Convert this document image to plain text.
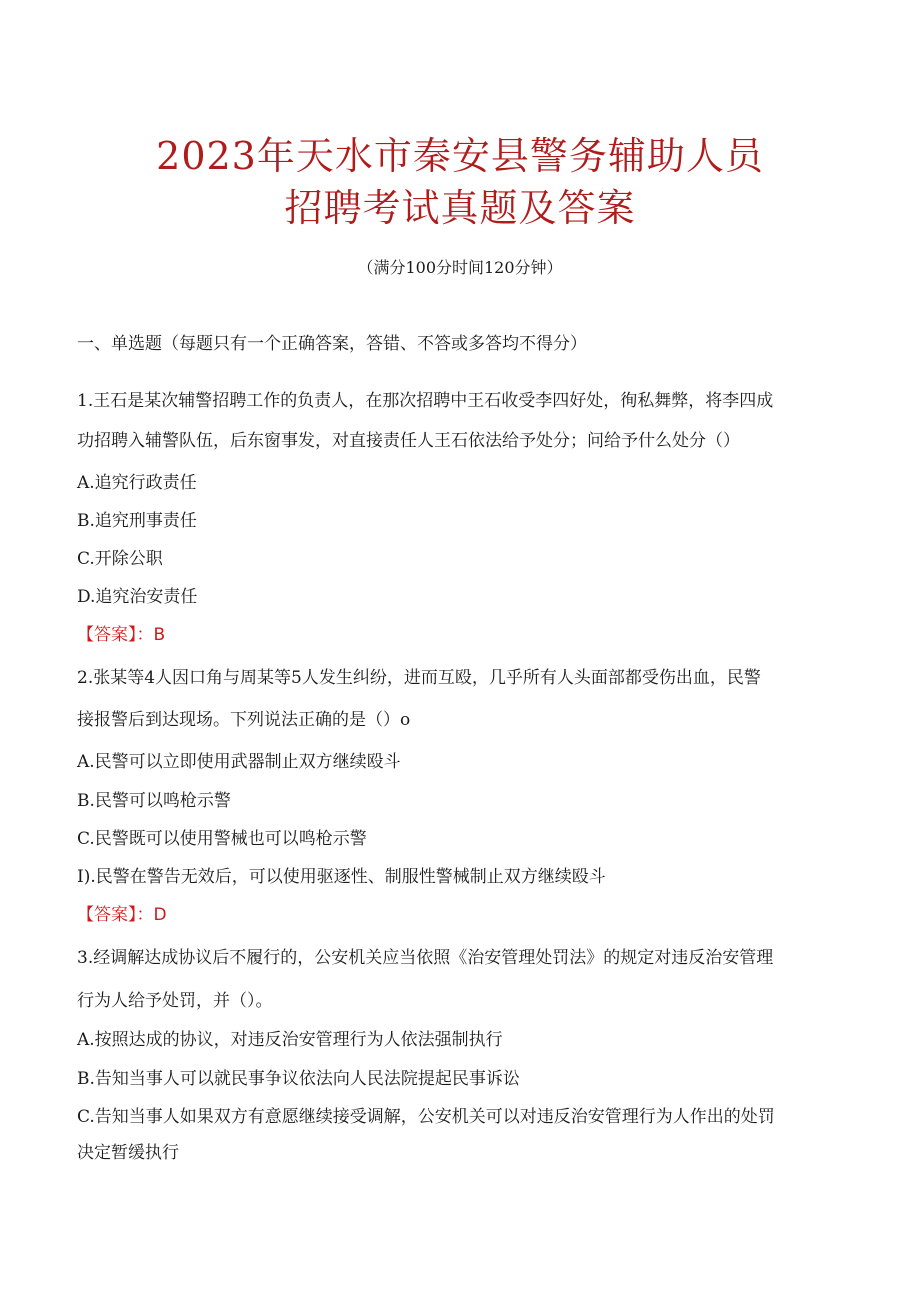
2023年天水市秦安县警务辅助人员
招聘考试真题及答案
（满分100分时间120分钟）
一、单选题（每题只有一个正确答案，答错、不答或多答均不得分）
1.王石是某次辅警招聘工作的负责人，在那次招聘中王石收受李四好处，徇私舞弊，将李四成
功招聘入辅警队伍，后东窗事发，对直接责任人王石依法给予处分；问给予什么处分（）
A.追究行政责任
B.追究刑事责任
C.开除公职
D.追究治安责任
【答案】：B
2.张某等4人因口角与周某等5人发生纠纷，进而互殴，几乎所有人头面部都受伤出血，民警
接报警后到达现场。下列说法正确的是（）o
A.民警可以立即使用武器制止双方继续殴斗
B.民警可以鸣枪示警
C.民警既可以使用警械也可以鸣枪示警
I).民警在警告无效后，可以使用驱逐性、制服性警械制止双方继续殴斗
【答案】：D
3.经调解达成协议后不履行的，公安机关应当依照《治安管理处罚法》的规定对违反治安管理
行为人给予处罚，并（）。
A.按照达成的协议，对违反治安管理行为人依法强制执行
B.告知当事人可以就民事争议依法向人民法院提起民事诉讼
C.告知当事人如果双方有意愿继续接受调解，公安机关可以对违反治安管理行为人作出的处罚
决定暂缓执行
